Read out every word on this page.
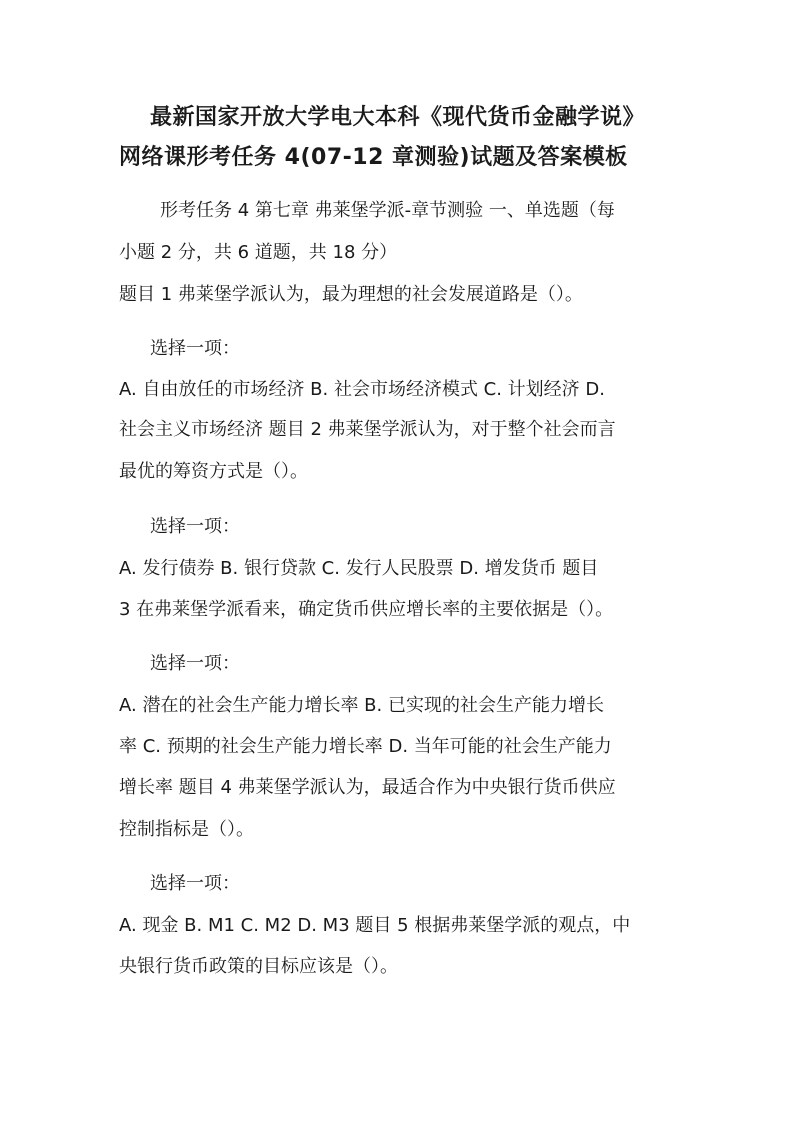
最新国家开放大学电大本科《现代货币金融学说》
网络课形考任务 4(07-12 章测验)试题及答案模板
形考任务 4 第七章 弗莱堡学派-章节测验 一、单选题（每
小题 2 分，共 6 道题，共 18 分）
题目 1 弗莱堡学派认为，最为理想的社会发展道路是（）。
选择一项：
A. 自由放任的市场经济 B. 社会市场经济模式 C. 计划经济 D.
社会主义市场经济 题目 2 弗莱堡学派认为，对于整个社会而言
最优的筹资方式是（）。
选择一项：
A. 发行债券 B. 银行贷款 C. 发行人民股票 D. 增发货币 题目
3 在弗莱堡学派看来，确定货币供应增长率的主要依据是（）。
选择一项：
A. 潜在的社会生产能力增长率 B. 已实现的社会生产能力增长
率 C. 预期的社会生产能力增长率 D. 当年可能的社会生产能力
增长率 题目 4 弗莱堡学派认为，最适合作为中央银行货币供应
控制指标是（）。
选择一项：
A. 现金 B. M1 C. M2 D. M3 题目 5 根据弗莱堡学派的观点，中
央银行货币政策的目标应该是（）。
